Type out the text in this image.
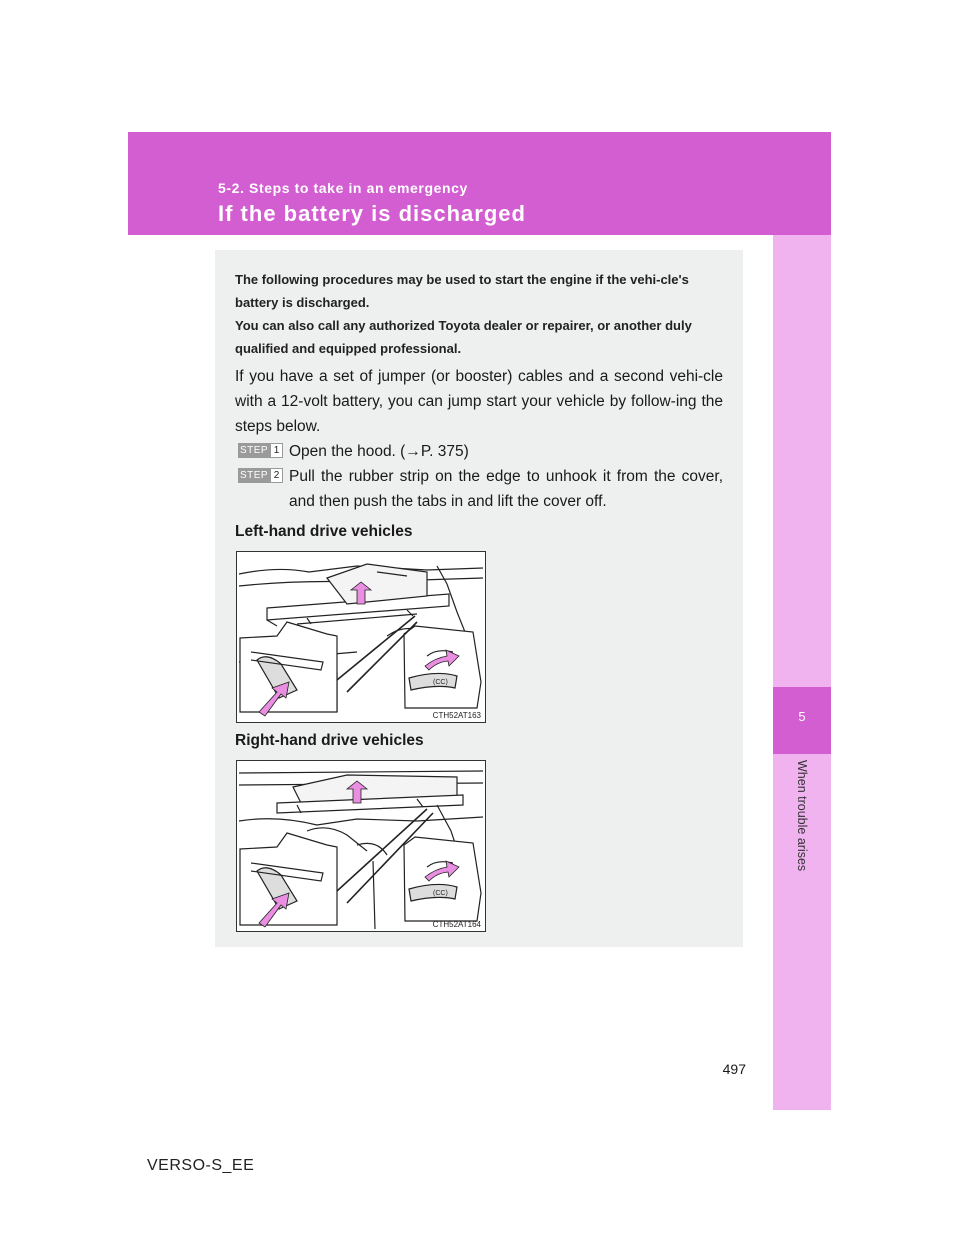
5-2. Steps to take in an emergency
If the battery is discharged
5
When trouble arises

The following procedures may be used to start the engine if the vehi-cle's battery is discharged.

You can also call any authorized Toyota dealer or repairer, or another duly qualified and equipped professional.

If you have a set of jumper (or booster) cables and a second vehi-cle with a 12-volt battery, you can jump start your vehicle by follow-ing the steps below.
STEP 1 Open the hood. (→P. 375)
STEP 2 Pull the rubber strip on the edge to unhook it from the cover, and then push the tabs in and lift the cover off.
Left-hand drive vehicles
(CC)
CTH52AT163
Right-hand drive vehicles
(CC)
CTH52AT164
497
VERSO-S_EE
